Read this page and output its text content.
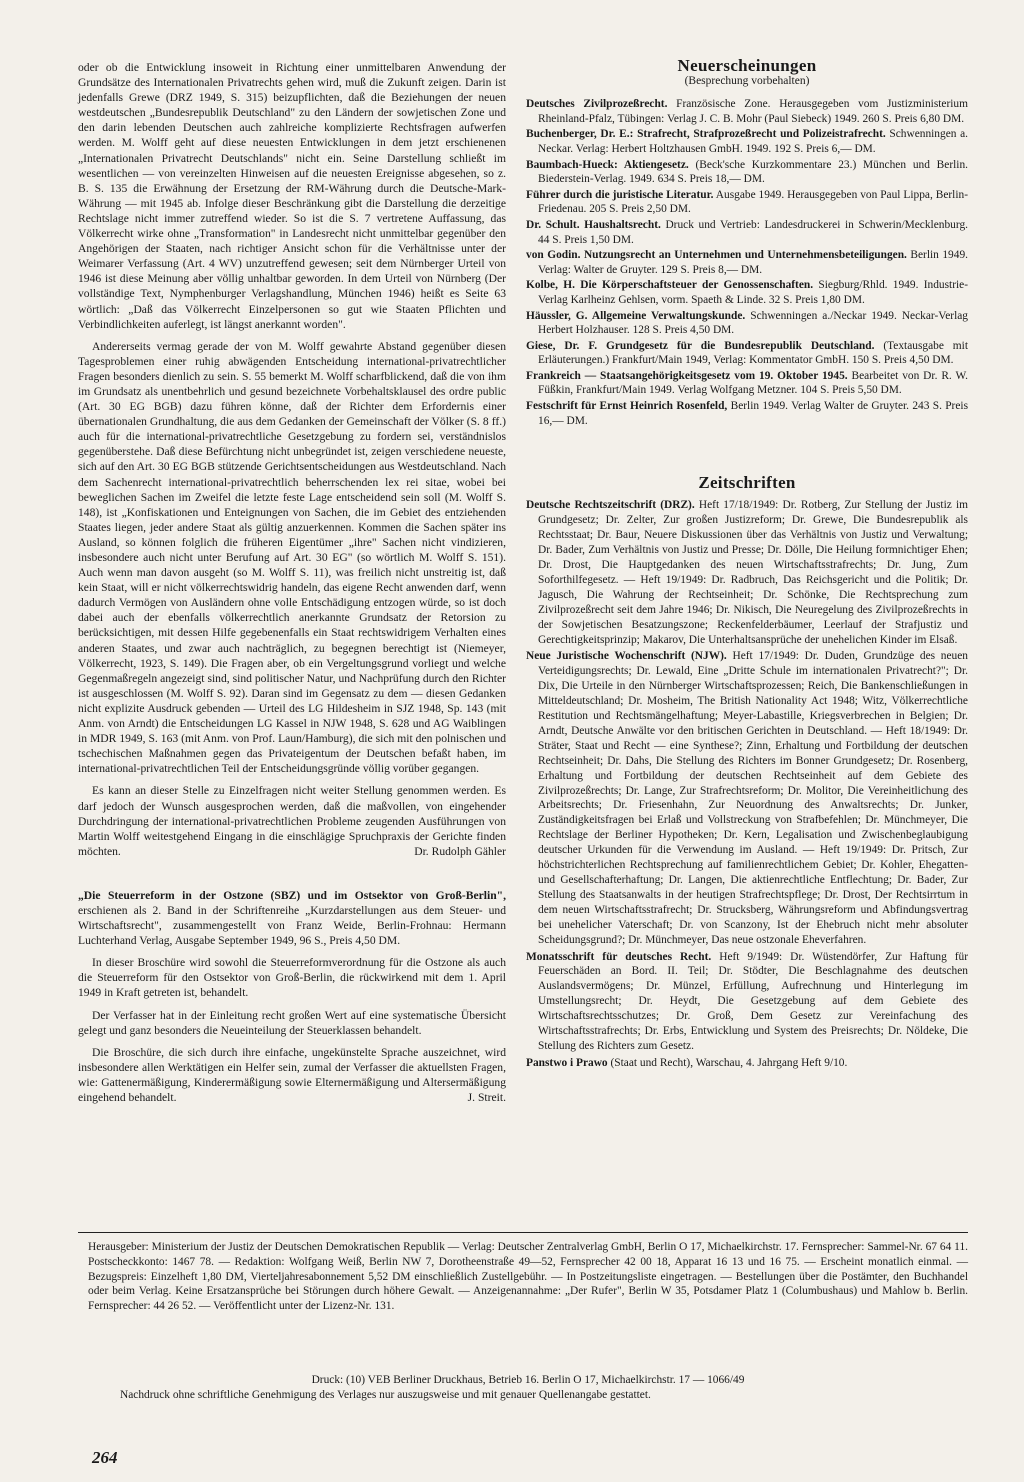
oder ob die Entwicklung insoweit in Richtung einer unmittelbaren Anwendung der Grundsätze des Internationalen Privatrechts gehen wird, muß die Zukunft zeigen. Darin ist jedenfalls Grewe (DRZ 1949, S. 315) beizupflichten, daß die Beziehungen der neuen westdeutschen „Bundesrepublik Deutschland" zu den Ländern der sowjetischen Zone und den darin lebenden Deutschen auch zahlreiche komplizierte Rechtsfragen aufwerfen werden. M. Wolff geht auf diese neuesten Entwicklungen in dem jetzt erschienenen „Internationalen Privatrecht Deutschlands" nicht ein. Seine Darstellung schließt im wesentlichen — von vereinzelten Hinweisen auf die neuesten Ereignisse abgesehen, so z. B. S. 135 die Erwähnung der Ersetzung der RM-Währung durch die Deutsche-Mark-Währung — mit 1945 ab. Infolge dieser Beschränkung gibt die Darstellung die derzeitige Rechtslage nicht immer zutreffend wieder. So ist die S. 7 vertretene Auffassung, das Völkerrecht wirke ohne „Transformation" in Landesrecht nicht unmittelbar gegenüber den Angehörigen der Staaten, nach richtiger Ansicht schon für die Verhältnisse unter der Weimarer Verfassung (Art. 4 WV) unzutreffend gewesen; seit dem Nürnberger Urteil von 1946 ist diese Meinung aber völlig unhaltbar geworden. In dem Urteil von Nürnberg (Der vollständige Text, Nymphenburger Verlagshandlung, München 1946) heißt es Seite 63 wörtlich: „Daß das Völkerrecht Einzelpersonen so gut wie Staaten Pflichten und Verbindlichkeiten auferlegt, ist längst anerkannt worden".

Andererseits vermag gerade der von M. Wolff gewahrte Abstand gegenüber diesen Tagesproblemen einer ruhig abwägenden Entscheidung international-privatrechtlicher Fragen besonders dienlich zu sein. S. 55 bemerkt M. Wolff scharfblickend, daß die von ihm im Grundsatz als unentbehrlich und gesund bezeichnete Vorbehaltsklausel des ordre public (Art. 30 EG BGB) dazu führen könne, daß der Richter dem Erfordernis einer übernationalen Grundhaltung, die aus dem Gedanken der Gemeinschaft der Völker (S. 8 ff.) auch für die international-privatrechtliche Gesetzgebung zu fordern sei, verständnislos gegenüberstehe. Daß diese Befürchtung nicht unbegründet ist, zeigen verschiedene neueste, sich auf den Art. 30 EG BGB stützende Gerichtsentscheidungen aus Westdeutschland. Nach dem Sachenrecht international-privatrechtlich beherrschenden lex rei sitae, wobei bei beweglichen Sachen im Zweifel die letzte feste Lage entscheidend sein soll (M. Wolff S. 148), ist „Konfiskationen und Enteignungen von Sachen, die im Gebiet des entziehenden Staates liegen, jeder andere Staat als gültig anzuerkennen. Kommen die Sachen später ins Ausland, so können folglich die früheren Eigentümer „ihre" Sachen nicht vindizieren, insbesondere auch nicht unter Berufung auf Art. 30 EG" (so wörtlich M. Wolff S. 151). Auch wenn man davon ausgeht (so M. Wolff S. 11), was freilich nicht unstreitig ist, daß kein Staat, will er nicht völkerrechtswidrig handeln, das eigene Recht anwenden darf, wenn dadurch Vermögen von Ausländern ohne volle Entschädigung entzogen würde, so ist doch dabei auch der ebenfalls völkerrechtlich anerkannte Grundsatz der Retorsion zu berücksichtigen, mit dessen Hilfe gegebenenfalls ein Staat rechtswidrigem Verhalten eines anderen Staates, und zwar auch nachträglich, zu begegnen berechtigt ist (Niemeyer, Völkerrecht, 1923, S. 149). Die Fragen aber, ob ein Vergeltungsgrund vorliegt und welche Gegenmaßregeln angezeigt sind, sind politischer Natur, und Nachprüfung durch den Richter ist ausgeschlossen (M. Wolff S. 92). Daran sind im Gegensatz zu dem — diesen Gedanken nicht explizite Ausdruck gebenden — Urteil des LG Hildesheim in SJZ 1948, Sp. 143 (mit Anm. von Arndt) die Entscheidungen LG Kassel in NJW 1948, S. 628 und AG Waiblingen in MDR 1949, S. 163 (mit Anm. von Prof. Laun/Hamburg), die sich mit den polnischen und tschechischen Maßnahmen gegen das Privateigentum der Deutschen befaßt haben, im international-privatrechtlichen Teil der Entscheidungsgründe völlig vorüber gegangen.

Es kann an dieser Stelle zu Einzelfragen nicht weiter Stellung genommen werden. Es darf jedoch der Wunsch ausgesprochen werden, daß die maßvollen, von eingehender Durchdringung der international-privatrechtlichen Probleme zeugenden Ausführungen von Martin Wolff weitestgehend Eingang in die einschlägige Spruchpraxis der Gerichte finden möchten.	Dr. Rudolph Gähler

„Die Steuerreform in der Ostzone (SBZ) und im Ostsektor von Groß-Berlin", erschienen als 2. Band in der Schriftenreihe „Kurzdarstellungen aus dem Steuer- und Wirtschaftsrecht", zusammengestellt von Franz Weide, Berlin-Frohnau: Hermann Luchterhand Verlag, Ausgabe September 1949, 96 S., Preis 4,50 DM.

In dieser Broschüre wird sowohl die Steuerreformverordnung für die Ostzone als auch die Steuerreform für den Ostsektor von Groß-Berlin, die rückwirkend mit dem 1. April 1949 in Kraft getreten ist, behandelt.

Der Verfasser hat in der Einleitung recht großen Wert auf eine systematische Übersicht gelegt und ganz besonders die Neueinteilung der Steuerklassen behandelt.

Die Broschüre, die sich durch ihre einfache, ungekünstelte Sprache auszeichnet, wird insbesondere allen Werktätigen ein Helfer sein, zumal der Verfasser die aktuellsten Fragen, wie: Gattenermäßigung, Kinderermäßigung sowie Elternermäßigung und Altersermäßigung eingehend behandelt.	J. Streit.

Neuerscheinungen
(Besprechung vorbehalten)
Deutsches Zivilprozeßrecht. Französische Zone. Herausgegeben vom Justizministerium Rheinland-Pfalz, Tübingen: Verlag J. C. B. Mohr (Paul Siebeck) 1949. 260 S. Preis 6,80 DM.
Buchenberger, Dr. E.: Strafrecht, Strafprozeßrecht und Polizeistrafrecht. Schwenningen a. Neckar. Verlag: Herbert Holtzhausen GmbH. 1949. 192 S. Preis 6,— DM.
Baumbach-Hueck: Aktiengesetz. (Beck'sche Kurzkommentare 23.) München und Berlin. Biederstein-Verlag. 1949. 634 S. Preis 18,— DM.
Führer durch die juristische Literatur. Ausgabe 1949. Herausgegeben von Paul Lippa, Berlin-Friedenau. 205 S. Preis 2,50 DM.
Dr. Schult. Haushaltsrecht. Druck und Vertrieb: Landesdruckerei in Schwerin/Mecklenburg. 44 S. Preis 1,50 DM.
von Godin. Nutzungsrecht an Unternehmen und Unternehmensbeteiligungen. Berlin 1949. Verlag: Walter de Gruyter. 129 S. Preis 8,— DM.
Kolbe, H. Die Körperschaftsteuer der Genossenschaften. Siegburg/Rhld. 1949. Industrie-Verlag Karlheinz Gehlsen, vorm. Spaeth & Linde. 32 S. Preis 1,80 DM.
Häussler, G. Allgemeine Verwaltungskunde. Schwenningen a./Neckar 1949. Neckar-Verlag Herbert Holzhauser. 128 S. Preis 4,50 DM.
Giese, Dr. F. Grundgesetz für die Bundesrepublik Deutschland. (Textausgabe mit Erläuterungen.) Frankfurt/Main 1949, Verlag: Kommentator GmbH. 150 S. Preis 4,50 DM.
Frankreich — Staatsangehörigkeitsgesetz vom 19. Oktober 1945. Bearbeitet von Dr. R. W. Füßkin, Frankfurt/Main 1949. Verlag Wolfgang Metzner. 104 S. Preis 5,50 DM.
Festschrift für Ernst Heinrich Rosenfeld, Berlin 1949. Verlag Walter de Gruyter. 243 S. Preis 16,— DM.
Zeitschriften
Deutsche Rechtszeitschrift (DRZ). Heft 17/18/1949: Dr. Rotberg, Zur Stellung der Justiz im Grundgesetz; Dr. Zelter, Zur großen Justizreform; Dr. Grewe, Die Bundesrepublik als Rechtsstaat; Dr. Baur, Neuere Diskussionen über das Verhältnis von Justiz und Verwaltung; Dr. Bader, Zum Verhältnis von Justiz und Presse; Dr. Dölle, Die Heilung formnichtiger Ehen; Dr. Drost, Die Hauptgedanken des neuen Wirtschaftsstrafrechts; Dr. Jung, Zum Soforthilfegesetz. — Heft 19/1949: Dr. Radbruch, Das Reichsgericht und die Politik; Dr. Jagusch, Die Wahrung der Rechtseinheit; Dr. Schönke, Die Rechtsprechung zum Zivilprozeßrecht seit dem Jahre 1946; Dr. Nikisch, Die Neuregelung des Zivilprozeßrechts in der Sowjetischen Besatzungszone; Reckenfelderbäumer, Leerlauf der Strafjustiz und Gerechtigkeitsprinzip; Makarov, Die Unterhaltsansprüche der unehelichen Kinder im Elsaß.
Neue Juristische Wochenschrift (NJW). Heft 17/1949: Dr. Duden, Grundzüge des neuen Verteidigungsrechts; Dr. Lewald, Eine „Dritte Schule im internationalen Privatrecht?"; Dr. Dix, Die Urteile in den Nürnberger Wirtschaftsprozessen; Reich, Die Bankenschließungen in Mitteldeutschland; Dr. Mosheim, The British Nationality Act 1948; Witz, Völkerrechtliche Restitution und Rechtsmängelhaftung; Meyer-Labastille, Kriegsverbrechen in Belgien; Dr. Arndt, Deutsche Anwälte vor den britischen Gerichten in Deutschland. — Heft 18/1949: Dr. Sträter, Staat und Recht — eine Synthese?; Zinn, Erhaltung und Fortbildung der deutschen Rechtseinheit; Dr. Dahs, Die Stellung des Richters im Bonner Grundgesetz; Dr. Rosenberg, Erhaltung und Fortbildung der deutschen Rechtseinheit auf dem Gebiete des Zivilprozeßrechts; Dr. Lange, Zur Strafrechtsreform; Dr. Molitor, Die Vereinheitlichung des Arbeitsrechts; Dr. Friesenhahn, Zur Neuordnung des Anwaltsrechts; Dr. Junker, Zuständigkeitsfragen bei Erlaß und Vollstreckung von Strafbefehlen; Dr. Münchmeyer, Die Rechtslage der Berliner Hypotheken; Dr. Kern, Legalisation und Zwischenbeglaubigung deutscher Urkunden für die Verwendung im Ausland. — Heft 19/1949: Dr. Pritsch, Zur höchstrichterlichen Rechtsprechung auf familienrechtlichem Gebiet; Dr. Kohler, Ehegatten- und Gesellschafterhaftung; Dr. Langen, Die aktienrechtliche Entflechtung; Dr. Bader, Zur Stellung des Staatsanwalts in der heutigen Strafrechtspflege; Dr. Drost, Der Rechtsirrtum in dem neuen Wirtschaftsstrafrecht; Dr. Strucksberg, Währungsreform und Abfindungsvertrag bei unehelicher Vaterschaft; Dr. von Scanzony, Ist der Ehebruch nicht mehr absoluter Scheidungsgrund?; Dr. Münchmeyer, Das neue ostzonale Eheverfahren.
Monatsschrift für deutsches Recht. Heft 9/1949: Dr. Wüstendörfer, Zur Haftung für Feuerschäden an Bord. II. Teil; Dr. Stödter, Die Beschlagnahme des deutschen Auslandsvermögens; Dr. Münzel, Erfüllung, Aufrechnung und Hinterlegung im Umstellungsrecht; Dr. Heydt, Die Gesetzgebung auf dem Gebiete des Wirtschaftsrechtsschutzes; Dr. Groß, Dem Gesetz zur Vereinfachung des Wirtschaftsstrafrechts; Dr. Erbs, Entwicklung und System des Preisrechts; Dr. Nöldeke, Die Stellung des Richters zum Gesetz.
Panstwo i Prawo (Staat und Recht), Warschau, 4. Jahrgang Heft 9/10.

Herausgeber: Ministerium der Justiz der Deutschen Demokratischen Republik — Verlag: Deutscher Zentralverlag GmbH, Berlin O 17, Michaelkirchstr. 17. Fernsprecher: Sammel-Nr. 67 64 11. Postscheckkonto: 1467 78. — Redaktion: Wolfgang Weiß, Berlin NW 7, Dorotheenstraße 49—52, Fernsprecher 42 00 18, Apparat 16 13 und 16 75. — Erscheint monatlich einmal. — Bezugspreis: Einzelheft 1,80 DM, Vierteljahresabonnement 5,52 DM einschließlich Zustellgebühr. — In Postzeitungsliste eingetragen. — Bestellungen über die Postämter, den Buchhandel oder beim Verlag. Keine Ersatzansprüche bei Störungen durch höhere Gewalt. — Anzeigenannahme: „Der Rufer", Berlin W 35, Potsdamer Platz 1 (Columbushaus) und Mahlow b. Berlin. Fernsprecher: 44 26 52. — Veröffentlicht unter der Lizenz-Nr. 131.

Druck: (10) VEB Berliner Druckhaus, Betrieb 16. Berlin O 17, Michaelkirchstr. 17 — 1066/49
Nachdruck ohne schriftliche Genehmigung des Verlages nur auszugsweise und mit genauer Quellenangabe gestattet.
264
